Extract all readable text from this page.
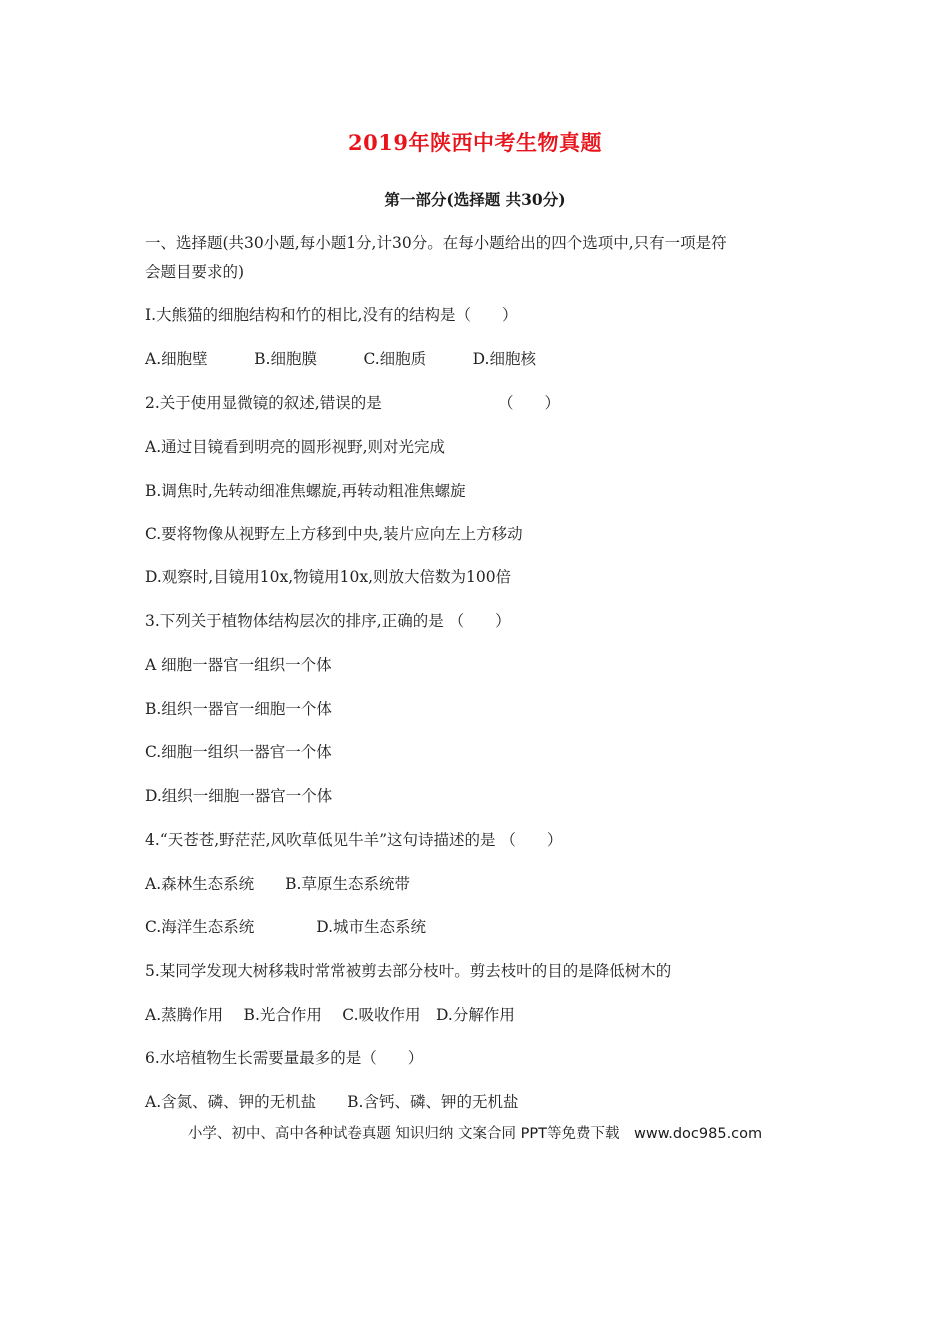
2019年陕西中考生物真题
第一部分(选择题 共30分)
一、选择题(共30小题,每小题1分,计30分。在每小题给出的四个选项中,只有一项是符
会题目要求的)
I.大熊猫的细胞结构和竹的相比,没有的结构是（　　）
A.细胞壁　　　B.细胞膜　　　C.细胞质　　　D.细胞核
2.关于使用显微镜的叙述,错误的是　　　　　　　　（　　）
A.通过目镜看到明亮的圆形视野,则对光完成
B.调焦时,先转动细准焦螺旋,再转动粗准焦螺旋
C.要将物像从视野左上方移到中央,装片应向左上方移动
D.观察时,目镜用10x,物镜用10x,则放大倍数为100倍
3.下列关于植物体结构层次的排序,正确的是 （　　）
A 细胞一器官一组织一个体
B.组织一器官一细胞一个体
C.细胞一组织一器官一个体
D.组织一细胞一器官一个体
4.“天苍苍,野茫茫,风吹草低见牛羊”这句诗描述的是 （　　）
A.森林生态系统　　B.草原生态系统带
C.海洋生态系统　　　　D.城市生态系统
5.某同学发现大树移栽时常常被剪去部分枝叶。剪去枝叶的目的是降低树木的
A.蒸腾作用　 B.光合作用　 C.吸收作用　D.分解作用
6.水培植物生长需要量最多的是（　　）
A.含氮、磷、钾的无机盐　　B.含钙、磷、钾的无机盐
小学、初中、高中各种试卷真题 知识归纳 文案合同 PPT等免费下载　www.doc985.com
